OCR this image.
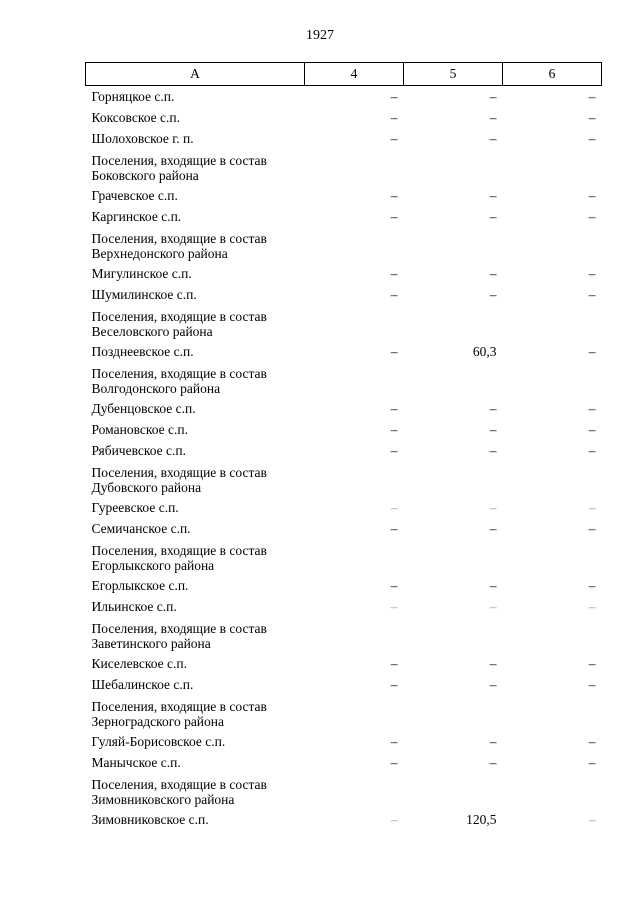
1927
А	4	5	6
Горняцкое с.п.	–	–	–
Коксовское с.п.	–	–	–
Шолоховское г. п.	–	–	–
Поселения, входящие в состав Боковского района			
Грачевское с.п.	–	–	–
Каргинское с.п.	–	–	–
Поселения, входящие в состав Верхнедонского района			
Мигулинское с.п.	–	–	–
Шумилинское с.п.	–	–	–
Поселения, входящие в состав Веселовского района			
Позднеевское с.п.	–	60,3	–
Поселения, входящие в состав Волгодонского района			
Дубенцовское с.п.	–	–	–
Романовское с.п.	–	–	–
Рябичевское с.п.	–	–	–
Поселения, входящие в состав Дубовского района			
Гуреевское с.п.	–	–	–
Семичанское с.п.	–	–	–
Поселения, входящие в состав Егорлыкского района			
Егорлыкское с.п.	–	–	–
Ильинское с.п.	–	–	–
Поселения, входящие в состав Заветинского района			
Киселевское с.п.	–	–	–
Шебалинское с.п.	–	–	–
Поселения, входящие в состав Зерноградского района			
Гуляй-Борисовское с.п.	–	–	–
Манычское с.п.	–	–	–
Поселения, входящие в состав Зимовниковского района			
Зимовниковское с.п.	–	120,5	–
